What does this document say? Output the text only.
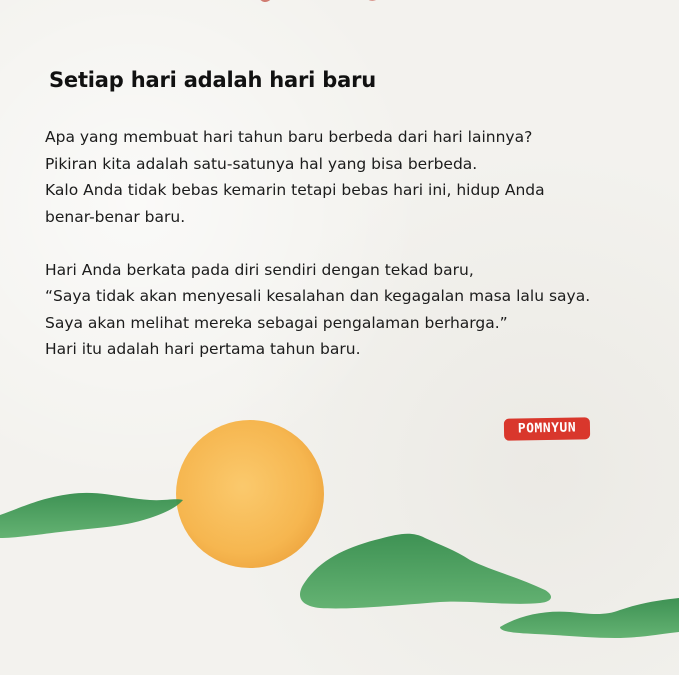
Setiap hari adalah hari baru
Apa yang membuat hari tahun baru berbeda dari hari lainnya?
Pikiran kita adalah satu-satunya hal yang bisa berbeda.
Kalo Anda tidak bebas kemarin tetapi bebas hari ini, hidup Anda
benar-benar baru.
Hari Anda berkata pada diri sendiri dengan tekad baru,
“Saya tidak akan menyesali kesalahan dan kegagalan masa lalu saya.
Saya akan melihat mereka sebagai pengalaman berharga.”
Hari itu adalah hari pertama tahun baru.
POMNYUN
